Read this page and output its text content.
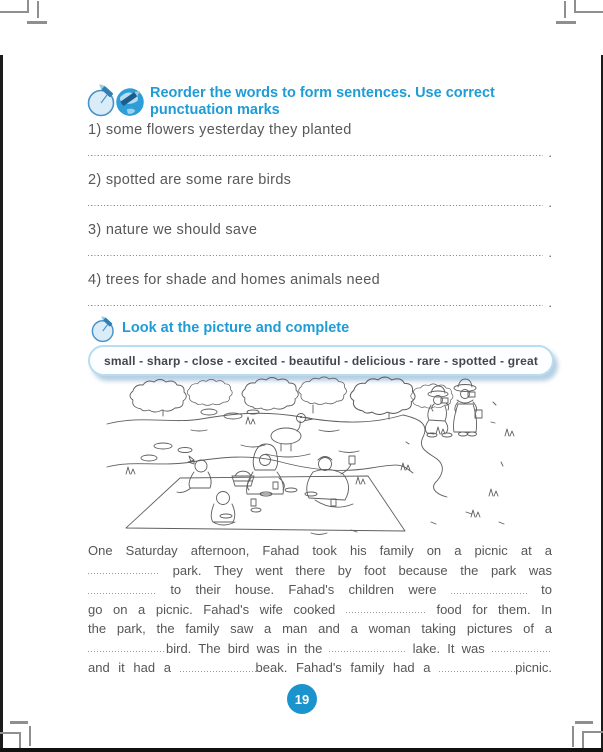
Reorder the words to form sentences. Use correct punctuation marks
1) some flowers yesterday they planted
.
2) spotted are some rare birds
.
3) nature we should save
.
4) trees for shade and homes animals need
.
Look at the picture and complete
small - sharp - close - excited - beautiful - delicious - rare - spotted - great
One Saturday afternoon, Fahad took his family on a picnic at a
park. They went there by foot because the park was
to their house. Fahad's children were	to
go on a picnic. Fahad's wife cooked	food for them. In
the park, the family saw a man and a woman taking pictures of a
bird. The bird was in the	lake. It was
and it had a	beak. Fahad's family had a	picnic.
19
